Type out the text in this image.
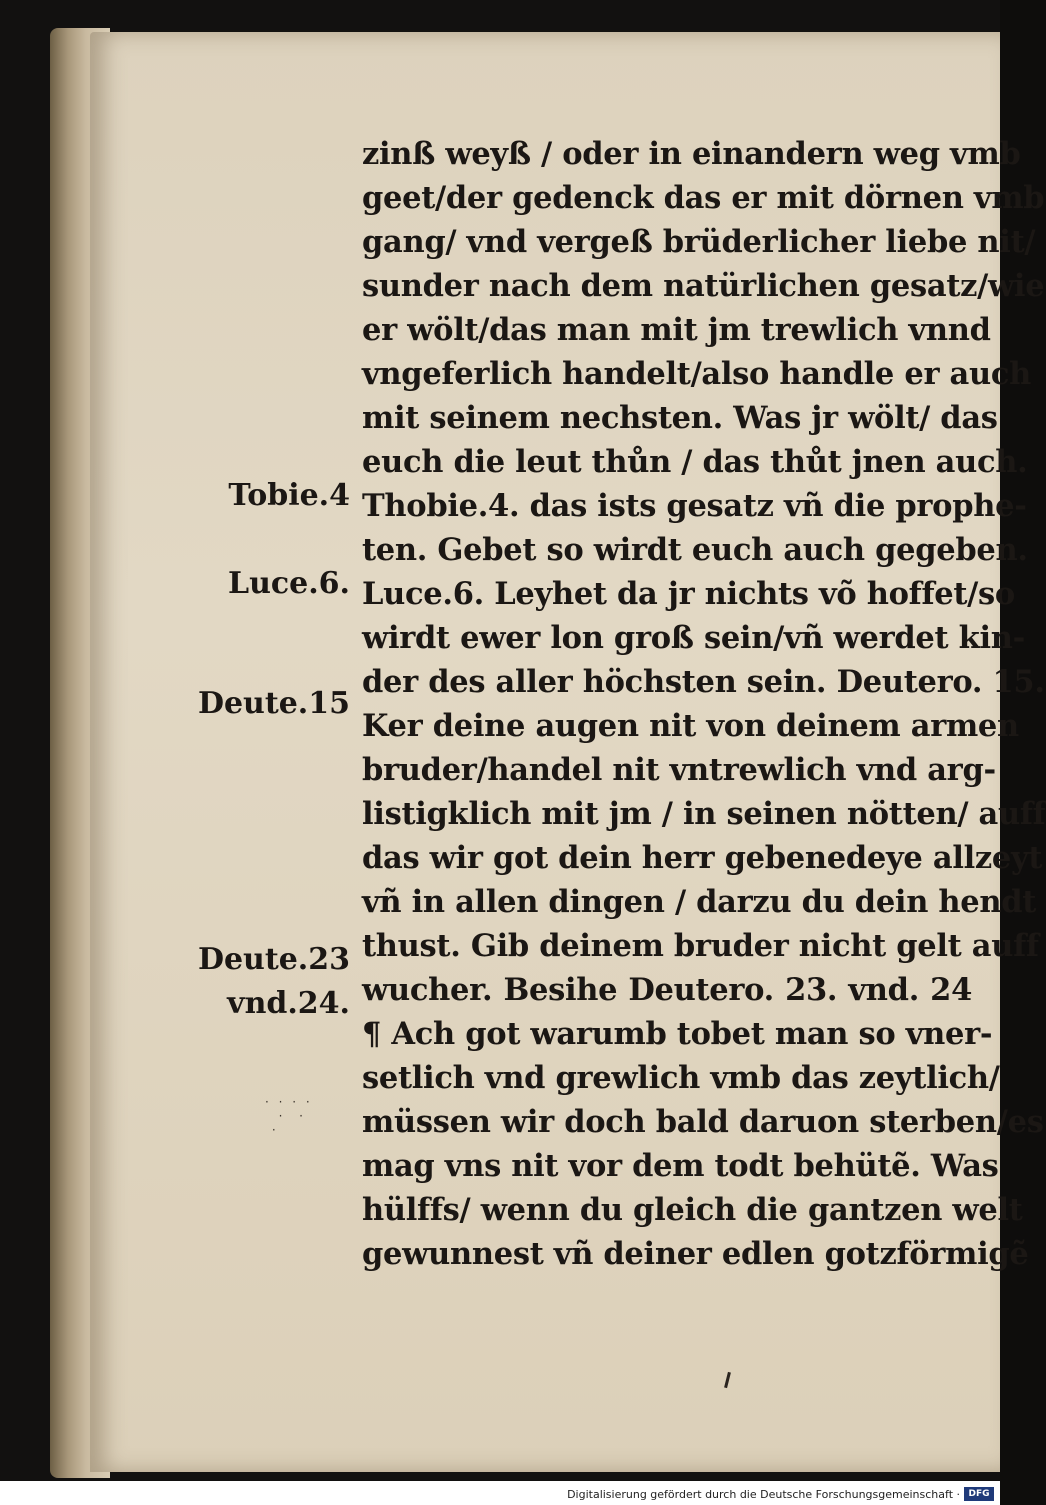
Tobie.4
Luce.6.
Deute.15
Deute.23
vnd.24.
zinß weyß / oder in einandern weg vmb
geet/der gedenck das er mit dörnen vmb
gang/ vnd vergeß brüderlicher liebe nit/
sunder nach dem natürlichen gesatz/wie
er wölt/das man mit jm trewlich vnnd
vngeferlich handelt/also handle er auch
mit seinem nechsten. Was jr wölt/ das
euch die leut thůn / das thůt jnen auch.
Thobie.4. das ists gesatz vñ die prophe-
ten. Gebet so wirdt euch auch gegeben.
Luce.6. Leyhet da jr nichts võ hoffet/so
wirdt ewer lon groß sein/vñ werdet kin-
der des aller höchsten sein. Deutero. 15.
Ker deine augen nit von deinem armen
bruder/handel nit vntrewlich vnd arg-
listigklich mit jm / in seinen nötten/ auff
das wir got dein herr gebenedeye allzeyt
vñ in allen dingen / darzu du dein hendt
thust. Gib deinem bruder nicht gelt auff
wucher. Besihe Deutero. 23. vnd. 24
¶ Ach got warumb tobet man so vner-
setlich vnd grewlich vmb das zeytlich/
müssen wir doch bald daruon sterben/es
mag vns nit vor dem todt behütẽ. Was
hülffs/ wenn du gleich die gantzen welt
gewunnest vñ deiner edlen gotzförmigẽ
· · · ·
·  ·
·
Digitalisierung gefördert durch die Deutsche Forschungsgemeinschaft · DFG
